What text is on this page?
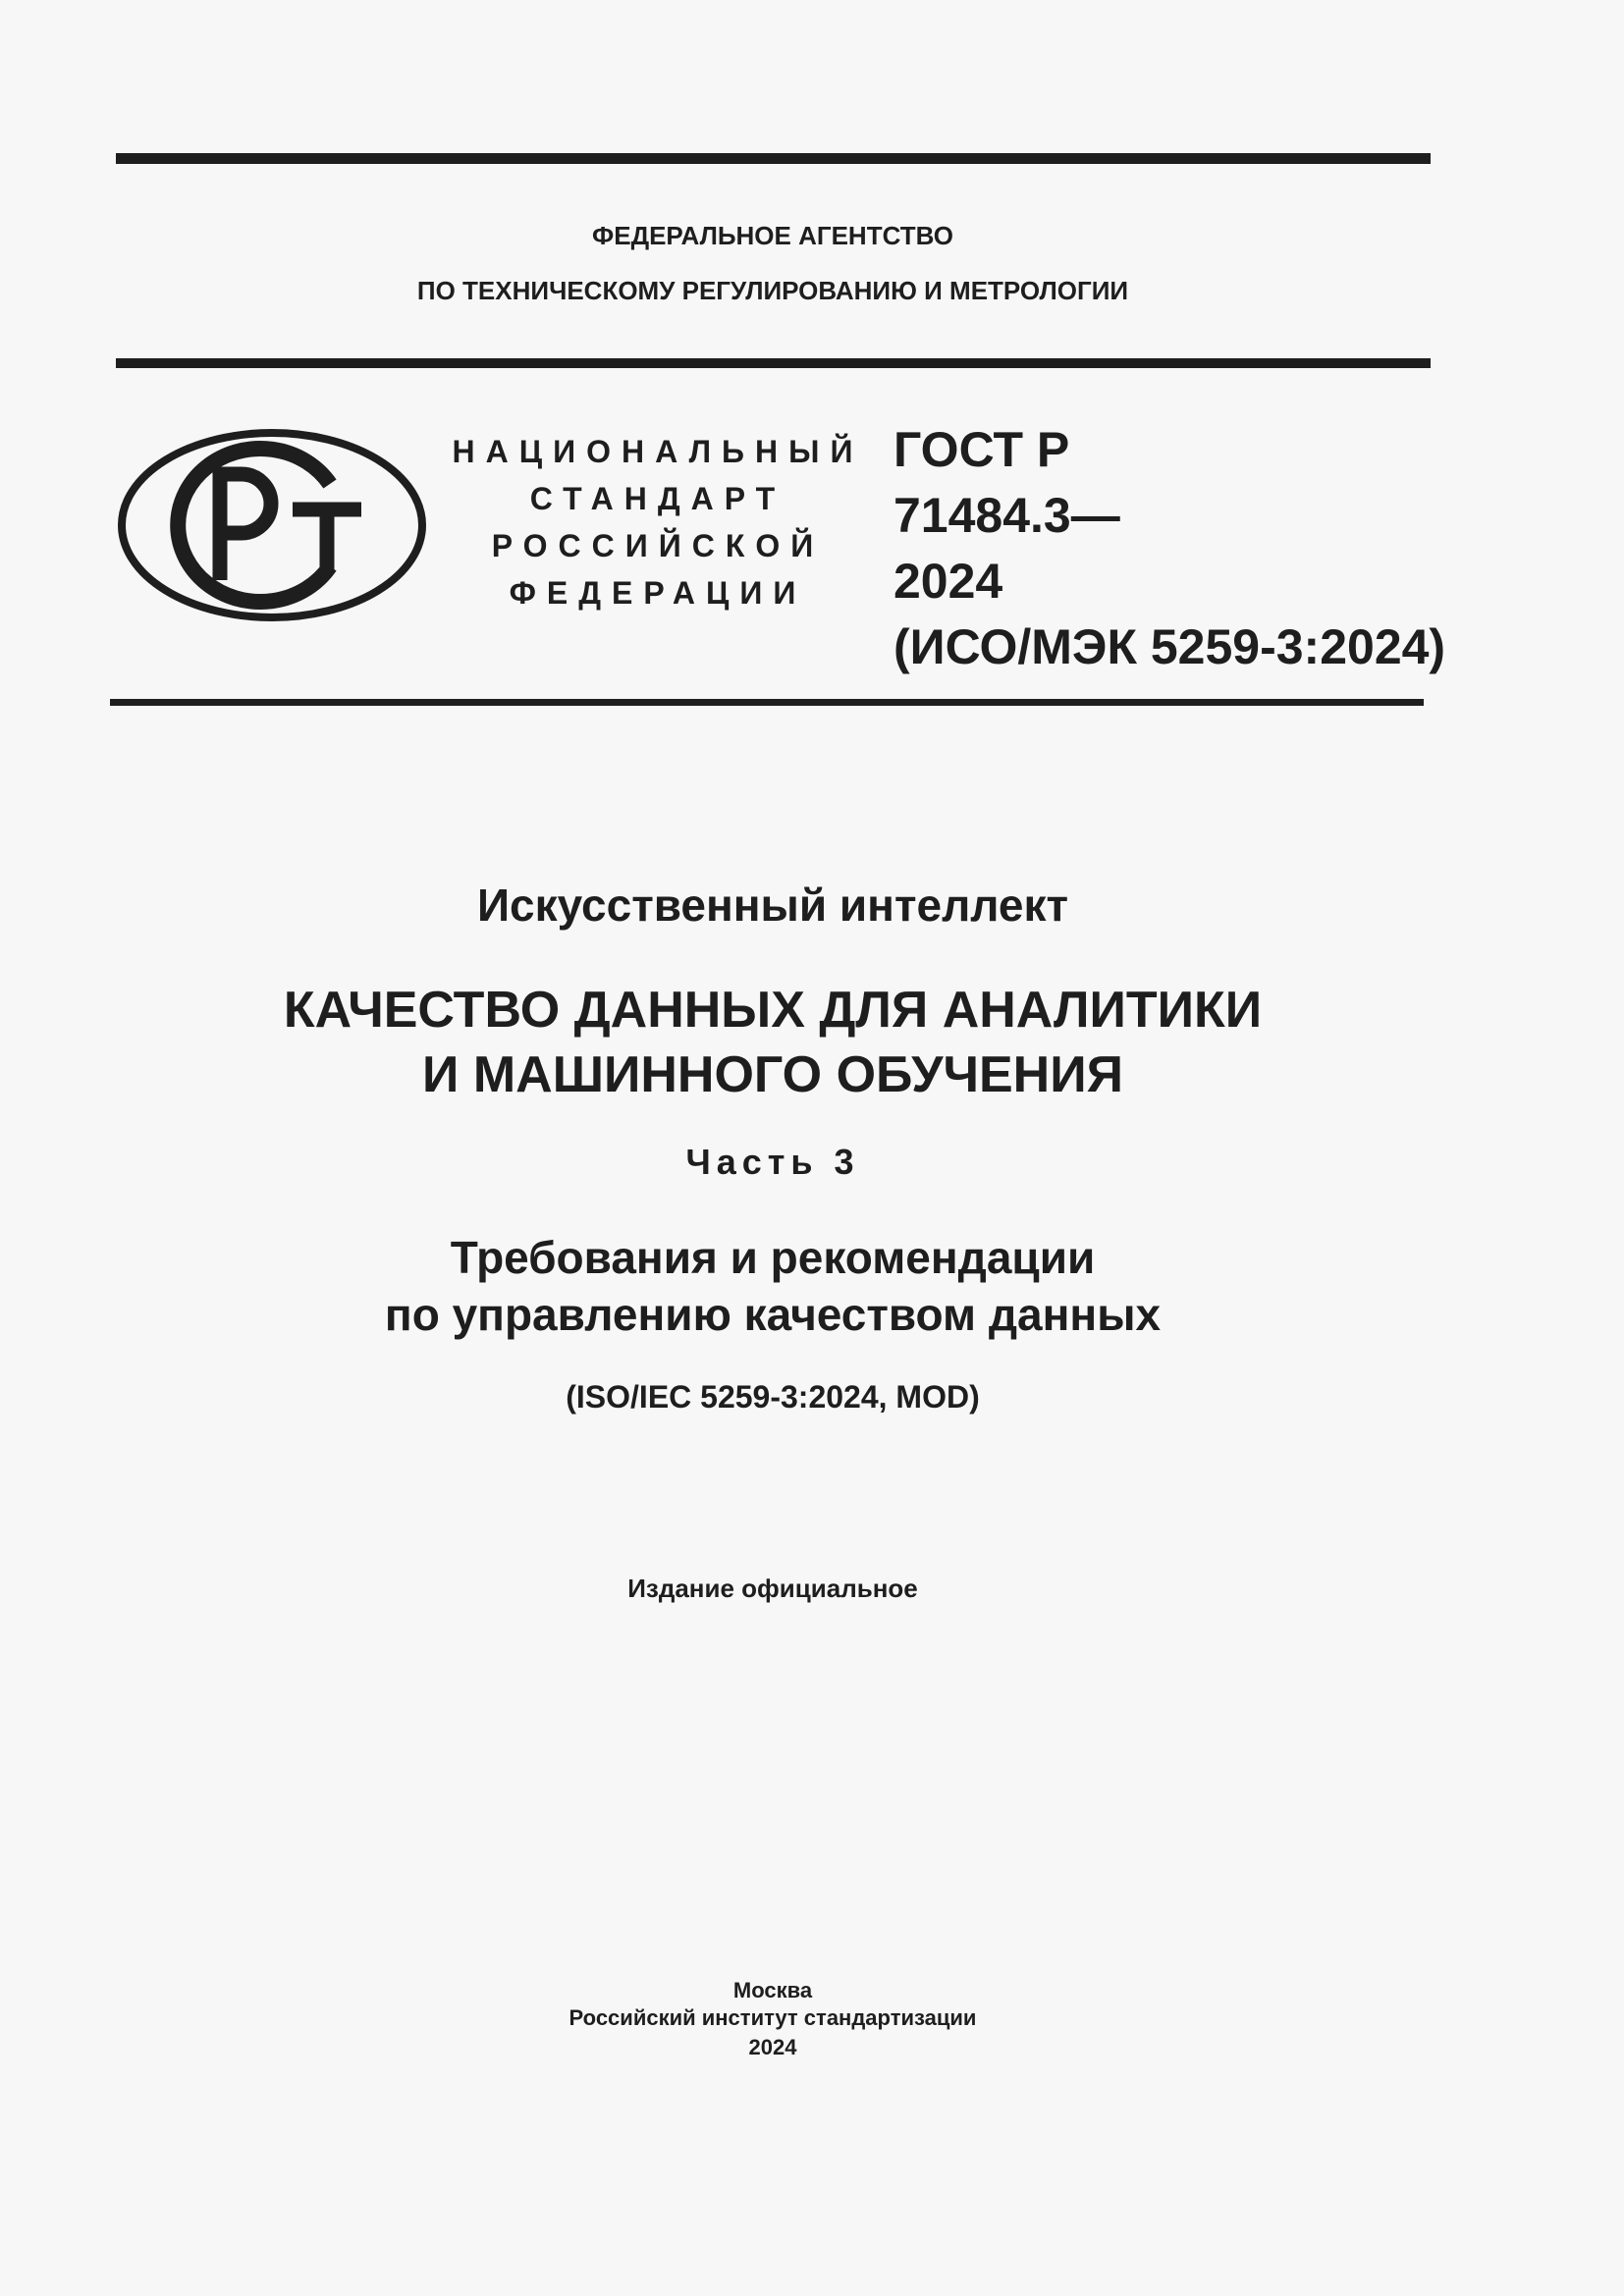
ФЕДЕРАЛЬНОЕ АГЕНТСТВО
ПО ТЕХНИЧЕСКОМУ РЕГУЛИРОВАНИЮ И МЕТРОЛОГИИ
НАЦИОНАЛЬНЫЙ
СТАНДАРТ
РОССИЙСКОЙ
ФЕДЕРАЦИИ
ГОСТ Р
71484.3—
2024
(ИСО/МЭК 5259-3:2024)
Искусственный интеллект
КАЧЕСТВО ДАННЫХ ДЛЯ АНАЛИТИКИ
И МАШИННОГО ОБУЧЕНИЯ
Часть 3
Требования и рекомендации
по управлению качеством данных
(ISO/IEC 5259-3:2024, MOD)
Издание официальное
Москва
Российский институт стандартизации
2024
